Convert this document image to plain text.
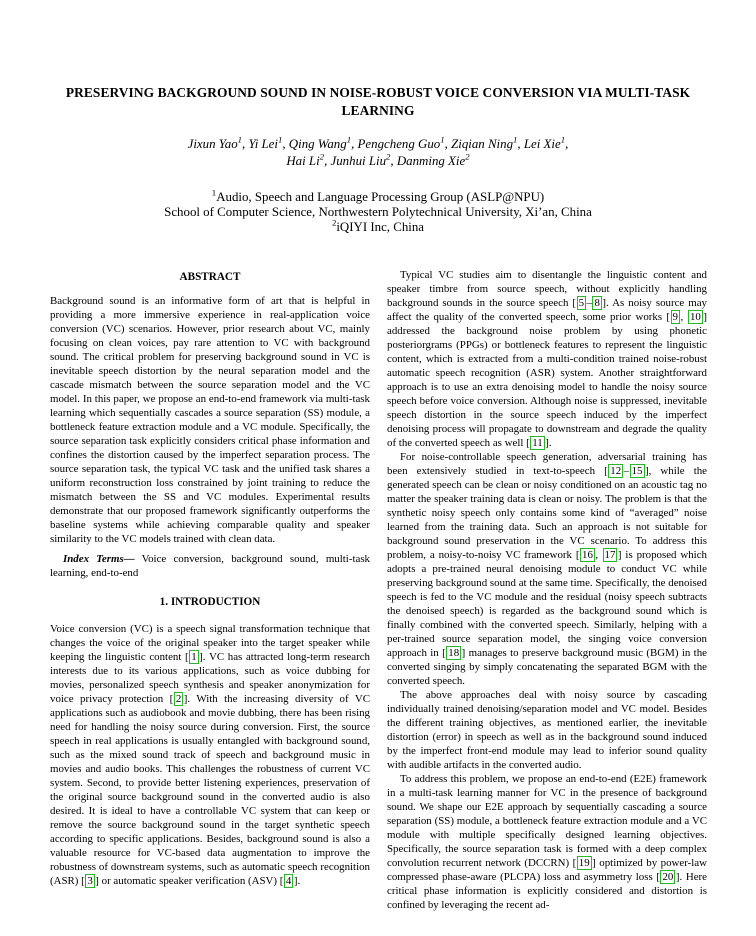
PRESERVING BACKGROUND SOUND IN NOISE-ROBUST VOICE CONVERSION VIA MULTI-TASK LEARNING
Jixun Yao$^1$, Yi Lei$^1$, Qing Wang$^1$, Pengcheng Guo$^1$, Ziqian Ning$^1$, Lei Xie$^1$,
Hai Li$^2$, Junhui Liu$^2$, Danming Xie$^2$
$^1$Audio, Speech and Language Processing Group (ASLP@NPU)
School of Computer Science, Northwestern Polytechnical University, Xi’an, China
$^2$iQIYI Inc, China
ABSTRACT

Background sound is an informative form of art that is helpful in providing a more immersive experience in real-application voice conversion (VC) scenarios. However, prior research about VC, mainly focusing on clean voices, pay rare attention to VC with background sound. The critical problem for preserving background sound in VC is inevitable speech distortion by the neural separation model and the cascade mismatch between the source separation model and the VC model. In this paper, we propose an end-to-end framework via multi-task learning which sequentially cascades a source separation (SS) module, a bottleneck feature extraction module and a VC module. Specifically, the source separation task explicitly considers critical phase information and confines the distortion caused by the imperfect separation process. The source separation task, the typical VC task and the unified task shares a uniform reconstruction loss constrained by joint training to reduce the mismatch between the SS and VC modules. Experimental results demonstrate that our proposed framework significantly outperforms the baseline systems while achieving comparable quality and speaker similarity to the VC models trained with clean data.

Index Terms— Voice conversion, background sound, multi-task learning, end-to-end

1. INTRODUCTION

Voice conversion (VC) is a speech signal transformation technique that changes the voice of the original speaker into the target speaker while keeping the linguistic content [ 1 ]. VC has attracted long-term research interests due to its various applications, such as voice dubbing for movies, personalized speech synthesis and speaker anonymization for voice privacy protection [ 2 ]. With the increasing diversity of VC applications such as audiobook and movie dubbing, there has been rising need for handling the noisy source during conversion. First, the source speech in real applications is usually entangled with background sound, such as the mixed sound track of speech and background music in movies and audio books. This challenges the robustness of current VC system. Second, to provide better listening experiences, preservation of the original source background sound in the converted audio is also desired. It is ideal to have a controllable VC system that can keep or remove the source background sound in the target synthetic speech according to specific applications. Besides, background sound is also a valuable resource for VC-based data augmentation to improve the robustness of downstream systems, such as automatic speech recognition (ASR) [ 3 ] or automatic speaker verification (ASV) [ 4 ].

Typical VC studies aim to disentangle the linguistic content and speaker timbre from source speech, without explicitly handling background sounds in the source speech [ 5 – 8 ]. As noisy source may affect the quality of the converted speech, some prior works [ 9 , 10 ] addressed the background noise problem by using phonetic posteriorgrams (PPGs) or bottleneck features to represent the linguistic content, which is extracted from a multi-condition trained noise-robust automatic speech recognition (ASR) system. Another straightforward approach is to use an extra denoising model to handle the noisy source speech before voice conversion. Although noise is suppressed, inevitable speech distortion in the source speech induced by the imperfect denoising process will propagate to downstream and degrade the quality of the converted speech as well [ 11 ].

For noise-controllable speech generation, adversarial training has been extensively studied in text-to-speech [ 12 – 15 ], while the generated speech can be clean or noisy conditioned on an acoustic tag no matter the speaker training data is clean or noisy. The problem is that the synthetic noisy speech only contains some kind of “averaged” noise learned from the training data. Such an approach is not suitable for background sound preservation in the VC scenario. To address this problem, a noisy-to-noisy VC framework [ 16 , 17 ] is proposed which adopts a pre-trained neural denoising module to conduct VC while preserving background sound at the same time. Specifically, the denoised speech is fed to the VC module and the residual (noisy speech subtracts the denoised speech) is regarded as the background sound which is finally combined with the converted speech. Similarly, helping with a per-trained source separation model, the singing voice conversion approach in [ 18 ] manages to preserve background music (BGM) in the converted singing by simply concatenating the separated BGM with the converted speech.

The above approaches deal with noisy source by cascading individually trained denoising/separation model and VC model. Besides the different training objectives, as mentioned earlier, the inevitable distortion (error) in speech as well as in the background sound induced by the imperfect front-end module may lead to inferior sound quality with audible artifacts in the converted audio.

To address this problem, we propose an end-to-end (E2E) framework in a multi-task learning manner for VC in the presence of background sound. We shape our E2E approach by sequentially cascading a source separation (SS) module, a bottleneck feature extraction module and a VC module with multiple specifically designed learning objectives. Specifically, the source separation task is formed with a deep complex convolution recurrent network (DCCRN) [ 19 ] optimized by power-law compressed phase-aware (PLCPA) loss and asymmetry loss [ 20 ]. Here critical phase information is explicitly considered and distortion is confined by leveraging the recent ad-
